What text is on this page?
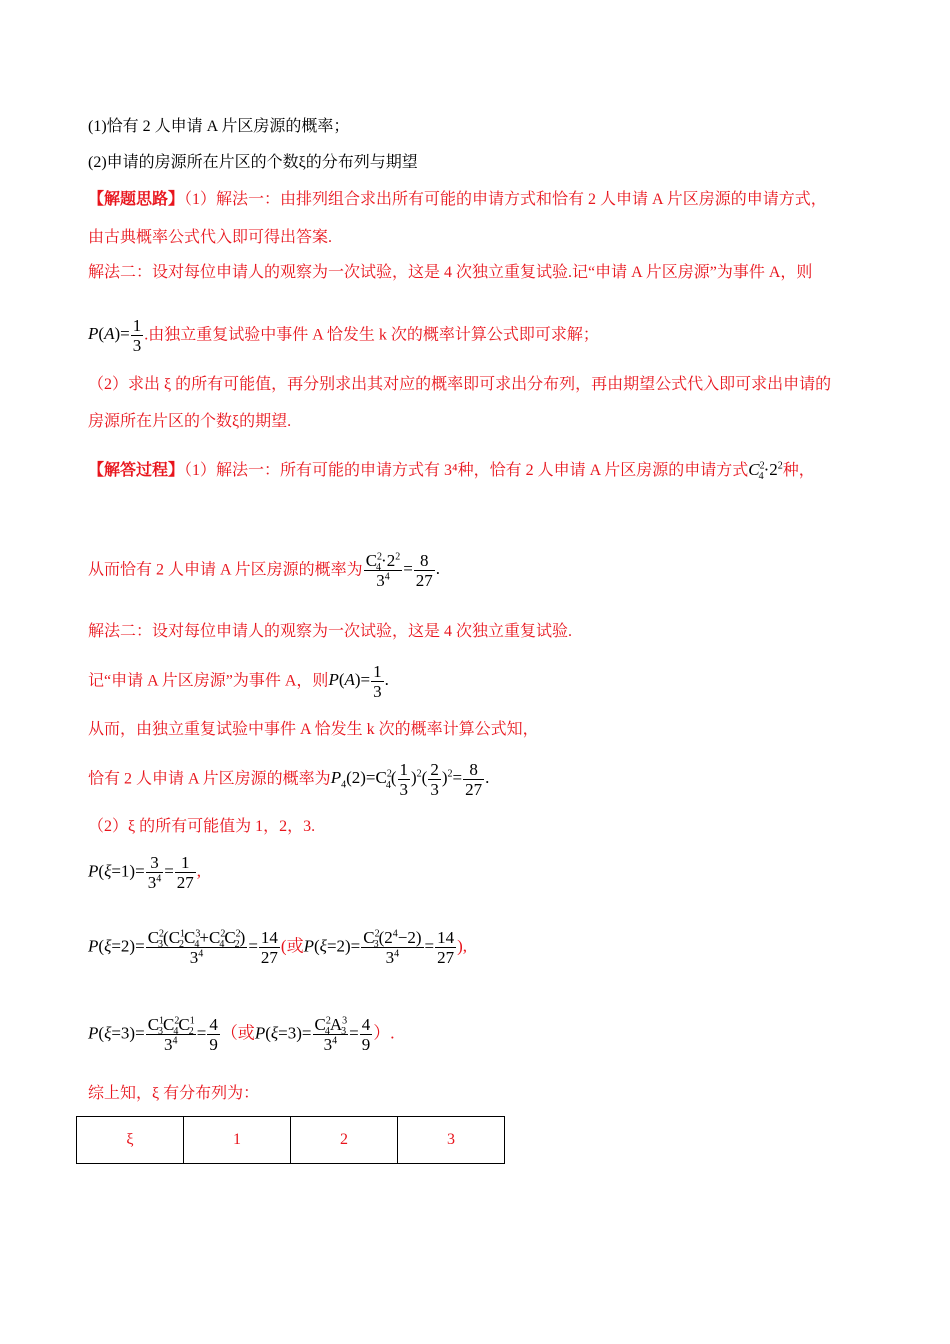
(1)恰有 2 人申请 A 片区房源的概率；
(2)申请的房源所在片区的个数ξ的分布列与期望
【解题思路】（1）解法一：由排列组合求出所有可能的申请方式和恰有 2 人申请 A 片区房源的申请方式，
由古典概率公式代入即可得出答案.
解法二：设对每位申请人的观察为一次试验，这是 4 次独立重复试验.记“申请 A 片区房源”为事件 A，则
$P(A)= \frac{1}{3}$ .由独立重复试验中事件 A 恰发生 k 次的概率计算公式即可求解；
（2）求出 ξ 的所有可能值，再分别求出其对应的概率即可求出分布列，再由期望公式代入即可求出申请的
房源所在片区的个数ξ的期望.
【解答过程】（1）解法一：所有可能的申请方式有 3⁴种，恰有 2 人申请 A 片区房源的申请方式$C^2_4\cdot 2^2$种，
从而恰有 2 人申请 A 片区房源的概率为 $\frac{C^2_4\cdot 2^2}{3^4} = \frac{8}{27}$ .
解法二：设对每位申请人的观察为一次试验，这是 4 次独立重复试验.
记“申请 A 片区房源”为事件 A，则$P(A)= \frac{1}{3}$ .
从而，由独立重复试验中事件 A 恰发生 k 次的概率计算公式知，
恰有 2 人申请 A 片区房源的概率为$P_4(2)=C^2_4( \frac{1}{3} )^2( \frac{2}{3} )^2= \frac{8}{27}$ .
（2）ξ 的所有可能值为 1，2，3.
$P(\xi=1)= \frac{3}{3^4} = \frac{1}{27}$ ,
$P(\xi=2)= \frac{C^2_3(C^1_2C^3_4+C^2_4C^2_2)}{3^4} = \frac{14}{27}$ (或$P(\xi=2)= \frac{C^2_3(2^4-2)}{3^4} = \frac{14}{27}$ ),
$P(\xi=3)= \frac{C^1_3C^2_4C^1_2}{3^4} = \frac{4}{9}$ （或$P(\xi=3)= \frac{C^2_4A^3_3}{3^4} = \frac{4}{9}$ ）.
综上知，ξ 有分布列为：
ξ	1	2	3
